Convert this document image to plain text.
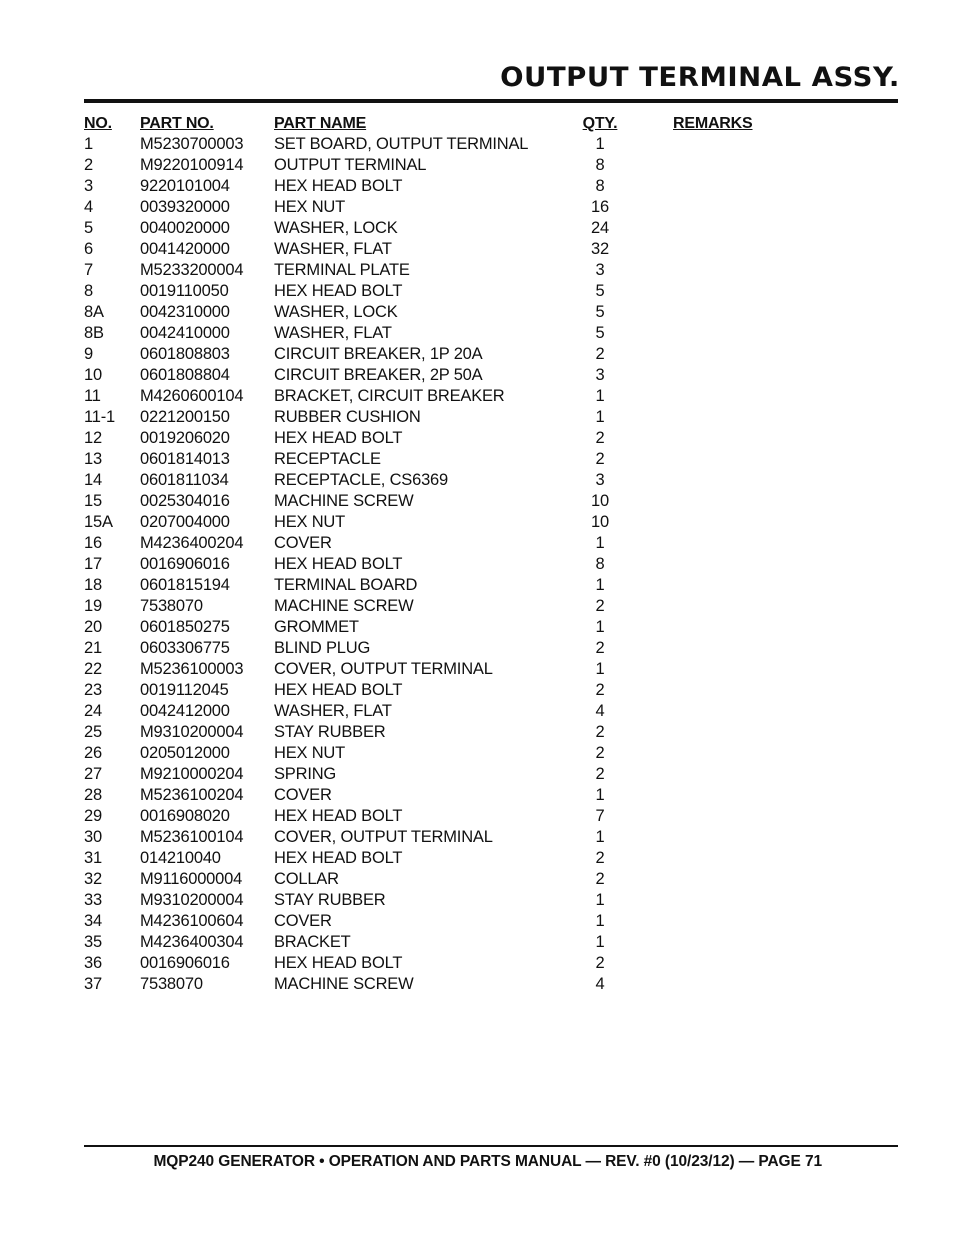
OUTPUT TERMINAL ASSY.
NO. PART NO.	PART NAME	QTY.	REMARKS
1	M5230700003 SET BOARD, OUTPUT TERMINAL	1
2	M9220100914 OUTPUT TERMINAL	8
3	9220101004	HEX HEAD BOLT	8
4	0039320000	HEX NUT	16
5	0040020000	WASHER, LOCK	24
6	0041420000	WASHER, FLAT	32
7	M5233200004 TERMINAL PLATE	3
8	0019110050	HEX HEAD BOLT	5
8A 0042310000	WASHER, LOCK	5
8B 0042410000	WASHER, FLAT	5
9	0601808803	CIRCUIT BREAKER, 1P 20A	2
10 0601808804	CIRCUIT BREAKER, 2P 50A	3
11 M4260600104 BRACKET, CIRCUIT BREAKER	1
11-1 0221200150	RUBBER CUSHION	1
12 0019206020	HEX HEAD BOLT	2
13 0601814013	RECEPTACLE	2
14 0601811034	RECEPTACLE, CS6369	3
15 0025304016	MACHINE SCREW	10
15A 0207004000	HEX NUT	10
16 M4236400204 COVER	1
17 0016906016	HEX HEAD BOLT	8
18 0601815194	TERMINAL BOARD	1
19 7538070	MACHINE SCREW	2
20 0601850275	GROMMET	1
21 0603306775	BLIND PLUG	2
22 M5236100003 COVER, OUTPUT TERMINAL	1
23 0019112045	HEX HEAD BOLT	2
24 0042412000	WASHER, FLAT	4
25 M9310200004 STAY RUBBER	2
26 0205012000	HEX NUT	2
27 M9210000204 SPRING	2
28 M5236100204 COVER	1
29 0016908020	HEX HEAD BOLT	7
30 M5236100104 COVER, OUTPUT TERMINAL	1
31 014210040	HEX HEAD BOLT	2
32 M9116000004 COLLAR	2
33 M9310200004 STAY RUBBER	1
34 M4236100604 COVER	1
35 M4236400304 BRACKET	1
36 0016906016	HEX HEAD BOLT	2
37 7538070	MACHINE SCREW	4
MQP240 GENERATOR • OPERATION AND PARTS MANUAL — REV. #0 (10/23/12) — PAGE 71
